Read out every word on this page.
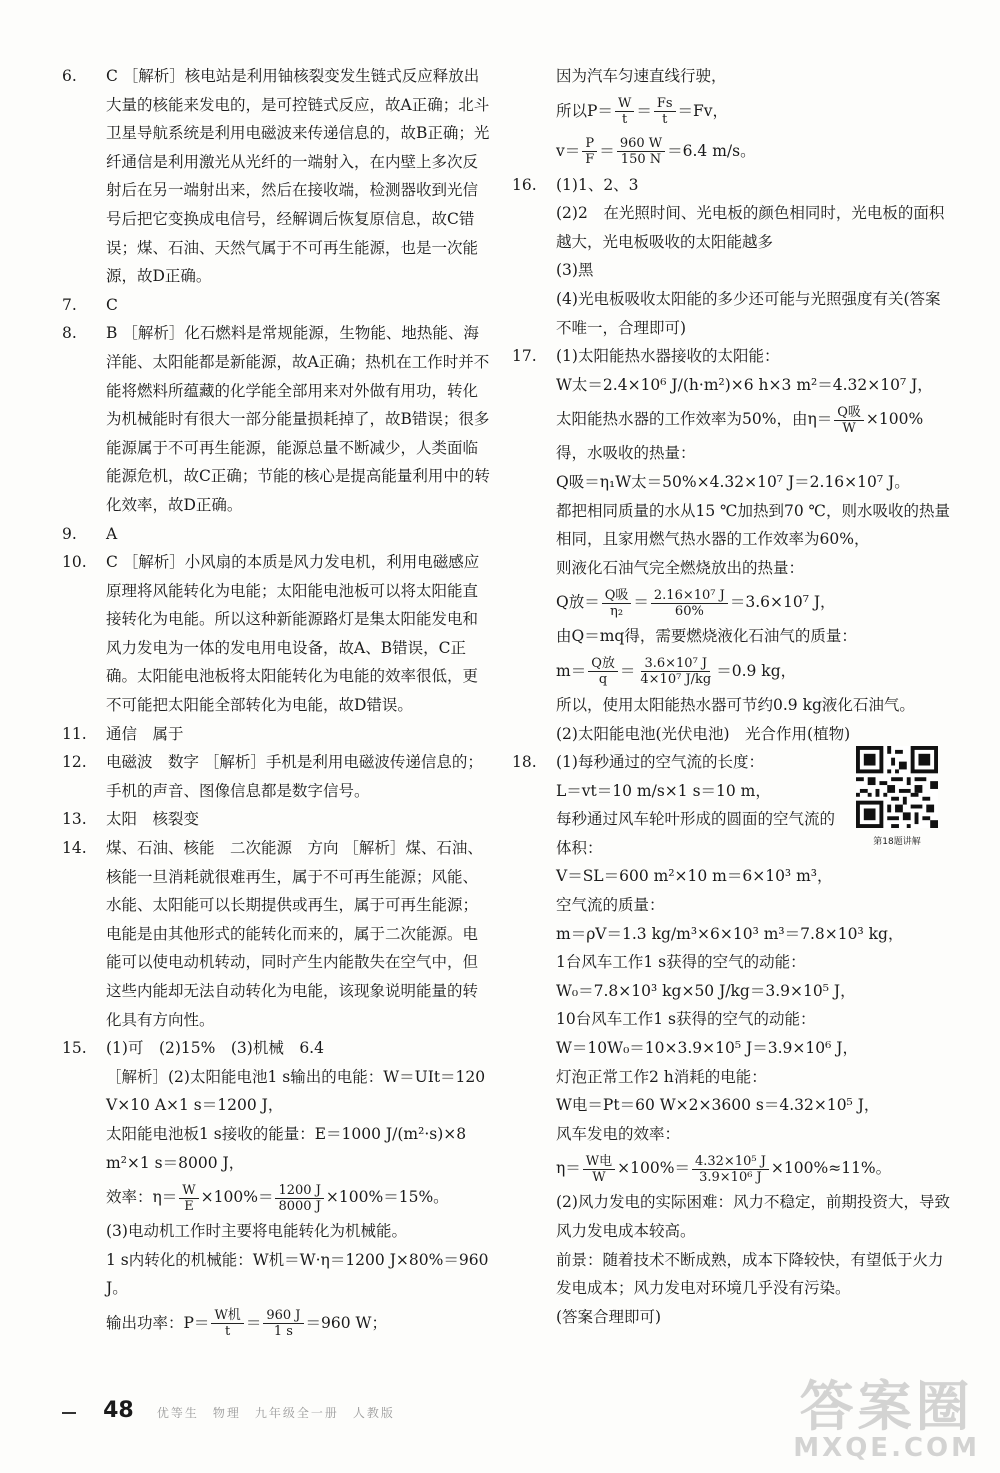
6.	C ［解析］核电站是利用铀核裂变发生链式反应释放出大量的核能来发电的，是可控链式反应，故A正确；北斗卫星导航系统是利用电磁波来传递信息的，故B正确；光纤通信是利用激光从光纤的一端射入，在内壁上多次反射后在另一端射出来，然后在接收端，检测器收到光信号后把它变换成电信号，经解调后恢复原信息，故C错误；煤、石油、天然气属于不可再生能源，也是一次能源，故D正确。
7.	C
8.	B ［解析］化石燃料是常规能源，生物能、地热能、海洋能、太阳能都是新能源，故A正确；热机在工作时并不能将燃料所蕴藏的化学能全部用来对外做有用功，转化为机械能时有很大一部分能量损耗掉了，故B错误；很多能源属于不可再生能源，能源总量不断减少，人类面临能源危机，故C正确；节能的核心是提高能量利用中的转化效率，故D正确。
9.	A
10.	C ［解析］小风扇的本质是风力发电机，利用电磁感应原理将风能转化为电能；太阳能电池板可以将太阳能直接转化为电能。所以这种新能源路灯是集太阳能发电和风力发电为一体的发电用电设备，故A、B错误，C正确。太阳能电池板将太阳能转化为电能的效率很低，更不可能把太阳能全部转化为电能，故D错误。
11.	通信　属于
12.	电磁波　数字 ［解析］手机是利用电磁波传递信息的；手机的声音、图像信息都是数字信号。
13.	太阳　核裂变
14.	煤、石油、核能　二次能源　方向 ［解析］煤、石油、核能一旦消耗就很难再生，属于不可再生能源；风能、水能、太阳能可以长期提供或再生，属于可再生能源；电能是由其他形式的能转化而来的，属于二次能源。电能可以使电动机转动，同时产生内能散失在空气中，但这些内能却无法自动转化为电能，该现象说明能量的转化具有方向性。
15.	(1)可　(2)15%　(3)机械　6.4
［解析］(2)太阳能电池1 s输出的电能：W＝UIt＝120 V×10 A×1 s＝1200 J，
太阳能电池板1 s接收的能量：E＝1000 J/(m²·s)×8 m²×1 s＝8000 J，
效率：$\eta= \frac{W}{E} \times 100\%= \frac{1200 J}{8000 J} \times 100\%=15\%$。
(3)电动机工作时主要将电能转化为机械能。
1 s内转化的机械能：W机＝W·η＝1200 J×80%＝960 J。
输出功率：$P= \frac{\text{W机}}{t} = \frac{960 J}{1 s} =960$ W；
因为汽车匀速直线行驶，
所以$P= \frac{W}{t} = \frac{Fs}{t} =Fv$，
$v= \frac{P}{F} = \frac{960 W}{150 N} =6.4$ m/s。
16.	(1)1、2、3
(2)2　在光照时间、光电板的颜色相同时，光电板的面积越大，光电板吸收的太阳能越多
(3)黑
(4)光电板吸收太阳能的多少还可能与光照强度有关(答案不唯一，合理即可)
17.	(1)太阳能热水器接收的太阳能：
W太＝2.4×10⁶ J/(h·m²)×6 h×3 m²＝4.32×10⁷ J，
太阳能热水器的工作效率为50%，由$\eta= \frac{\text{Q吸}}{W} \times 100\%$
得，水吸收的热量：
Q吸＝η₁W太＝50%×4.32×10⁷ J＝2.16×10⁷ J。
都把相同质量的水从15 ℃加热到70 ℃，则水吸收的热量相同，且家用燃气热水器的工作效率为60%，
则液化石油气完全燃烧放出的热量：
Q放＝ $\frac{\text{Q吸}}{\text{η₂}} = \frac{\text{2.16×10⁷ J}}{60\%} =3.6\times 10^7$ J，
由Q＝mq得，需要燃烧液化石油气的质量：
$m= \frac{\text{Q放}}{q} = \frac{\text{3.6×10⁷ J}}{\text{4×10⁷ J/kg}} =0.9$ kg，
所以，使用太阳能热水器可节约0.9 kg液化石油气。
(2)太阳能电池(光伏电池)　光合作用(植物)
18.	(1)每秒通过的空气流的长度：
L＝vt＝10 m/s×1 s＝10 m，
每秒通过风车轮叶形成的圆面的空气流的体积：
V＝SL＝600 m²×10 m＝6×10³ m³，
空气流的质量：
m＝ρV＝1.3 kg/m³×6×10³ m³＝7.8×10³ kg，
1台风车工作1 s获得的空气的动能：
W₀＝7.8×10³ kg×50 J/kg＝3.9×10⁵ J，
10台风车工作1 s获得的空气的动能：
W＝10W₀＝10×3.9×10⁵ J＝3.9×10⁶ J，
灯泡正常工作2 h消耗的电能：
W电＝Pt＝60 W×2×3600 s＝4.32×10⁵ J，
风车发电的效率：
$\eta= \frac{\text{W电}}{W} \times 100\%= \frac{\text{4.32×10⁵ J}}{\text{3.9×10⁶ J}} \times 100\%\approx 11\%$。
(2)风力发电的实际困难：风力不稳定，前期投资大，导致风力发电成本较高。
前景：随着技术不断成熟，成本下降较快，有望低于火力发电成本；风力发电对环境几乎没有污染。
(答案合理即可)
第18题讲解
48 优等生　物理　九年级全一册　人教版	答案圈
MXQE.COM
